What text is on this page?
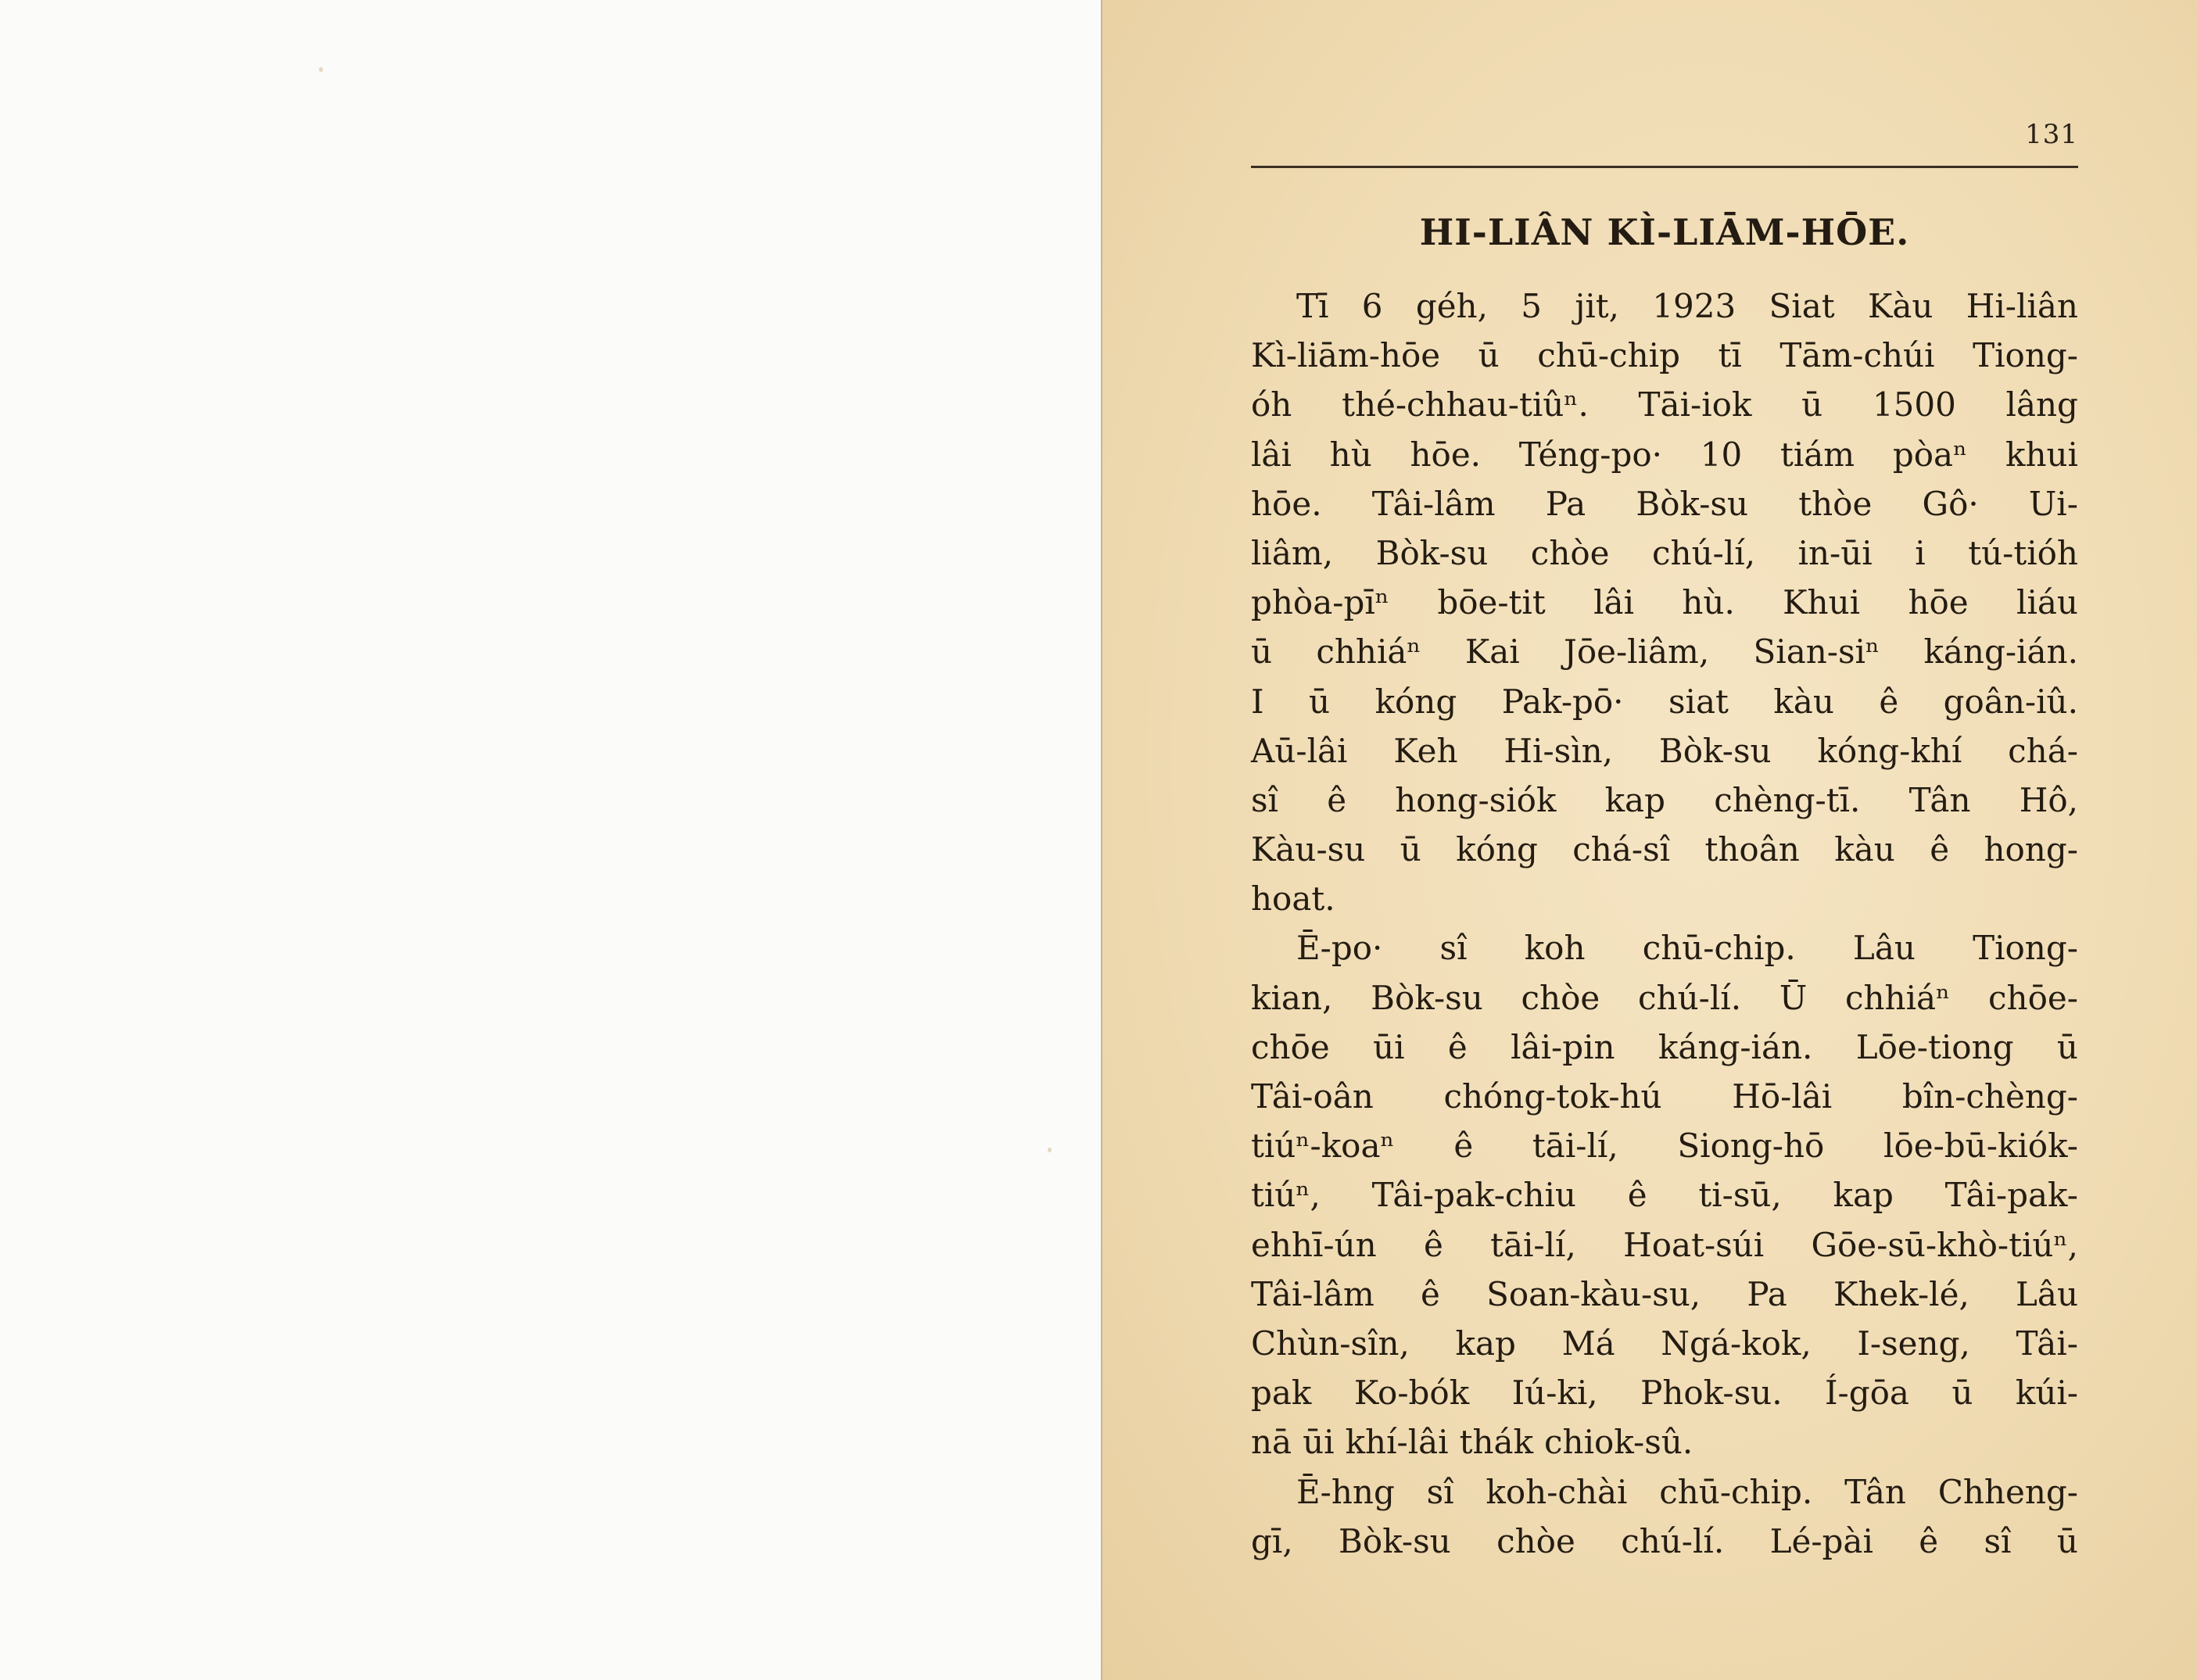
131
HI-LIÂN KÌ-LIĀM-HŌE.
Tī 6 géh, 5 jit, 1923 Siat Kàu Hi-liân
Kì-liām-hōe ū chū-chip tī Tām-chúi Tiong-
óh thé-chhau-tiûⁿ. Tāi-iok ū 1500 lâng
lâi hù hōe. Téng-po· 10 tiám pòaⁿ khui
hōe. Tâi-lâm Pa Bòk-su thòe Gô· Ui-
liâm, Bòk-su chòe chú-lí, in-ūi i tú-tióh
phòa-pīⁿ bōe-tit lâi hù. Khui hōe liáu
ū chhiáⁿ Kai Jōe-liâm, Sian-siⁿ káng-ián.
I ū kóng Pak-pō· siat kàu ê goân-iû.
Aū-lâi Keh Hi-sìn, Bòk-su kóng-khí chá-
sî ê hong-siók kap chèng-tī. Tân Hô,
Kàu-su ū kóng chá-sî thoân kàu ê hong-
hoat.
Ē-po· sî koh chū-chip. Lâu Tiong-
kian, Bòk-su chòe chú-lí. Ū chhiáⁿ chōe-
chōe ūi ê lâi-pin káng-ián. Lōe-tiong ū
Tâi-oân chóng-tok-hú Hō-lâi bîn-chèng-
tiúⁿ-koaⁿ ê tāi-lí, Siong-hō lōe-bū-kiók-
tiúⁿ, Tâi-pak-chiu ê ti-sū, kap Tâi-pak-
ehhī-ún ê tāi-lí, Hoat-súi Gōe-sū-khò-tiúⁿ,
Tâi-lâm ê Soan-kàu-su, Pa Khek-lé, Lâu
Chùn-sîn, kap Má Ngá-kok, I-seng, Tâi-
pak Ko-bók Iú-ki, Phok-su. Í-gōa ū kúi-
nā ūi khí-lâi thák chiok-sû.
Ē-hng sî koh-chài chū-chip. Tân Chheng-
gī, Bòk-su chòe chú-lí. Lé-pài ê sî ū
